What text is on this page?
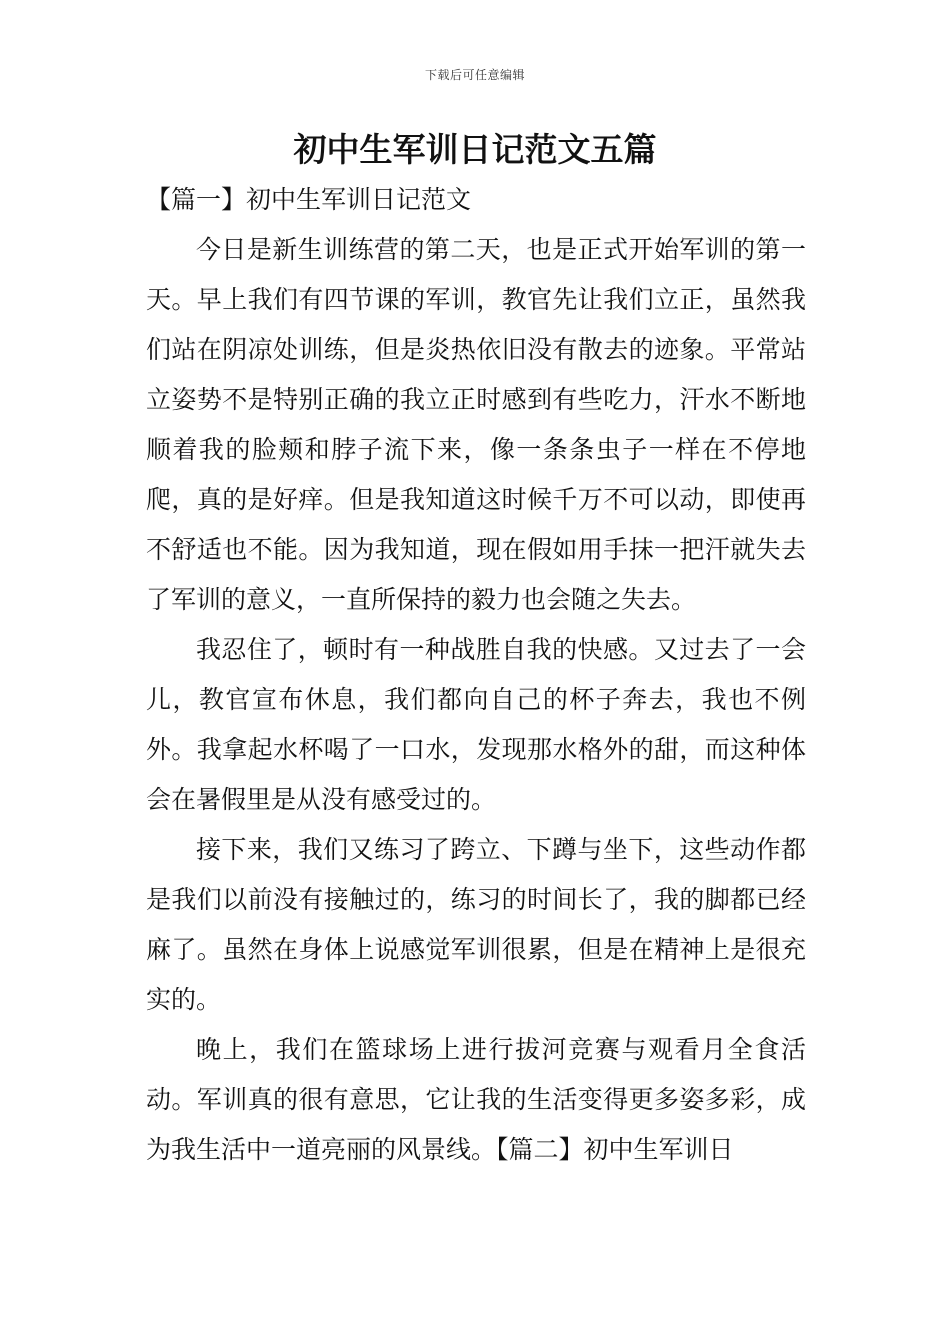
下载后可任意编辑
初中生军训日记范文五篇
【篇一】初中生军训日记范文

今日是新生训练营的第二天，也是正式开始军训的第一天。早上我们有四节课的军训，教官先让我们立正，虽然我们站在阴凉处训练，但是炎热依旧没有散去的迹象。平常站立姿势不是特别正确的我立正时感到有些吃力，汗水不断地顺着我的脸颊和脖子流下来，像一条条虫子一样在不停地爬，真的是好痒。但是我知道这时候千万不可以动，即使再不舒适也不能。因为我知道，现在假如用手抹一把汗就失去了军训的意义，一直所保持的毅力也会随之失去。

我忍住了，顿时有一种战胜自我的快感。又过去了一会儿，教官宣布休息，我们都向自己的杯子奔去，我也不例外。我拿起水杯喝了一口水，发现那水格外的甜，而这种体会在暑假里是从没有感受过的。

接下来，我们又练习了跨立、下蹲与坐下，这些动作都是我们以前没有接触过的，练习的时间长了，我的脚都已经麻了。虽然在身体上说感觉军训很累，但是在精神上是很充实的。

晚上，我们在篮球场上进行拔河竞赛与观看月全食活动。军训真的很有意思，它让我的生活变得更多姿多彩，成为我生活中一道亮丽的风景线。【篇二】初中生军训日
